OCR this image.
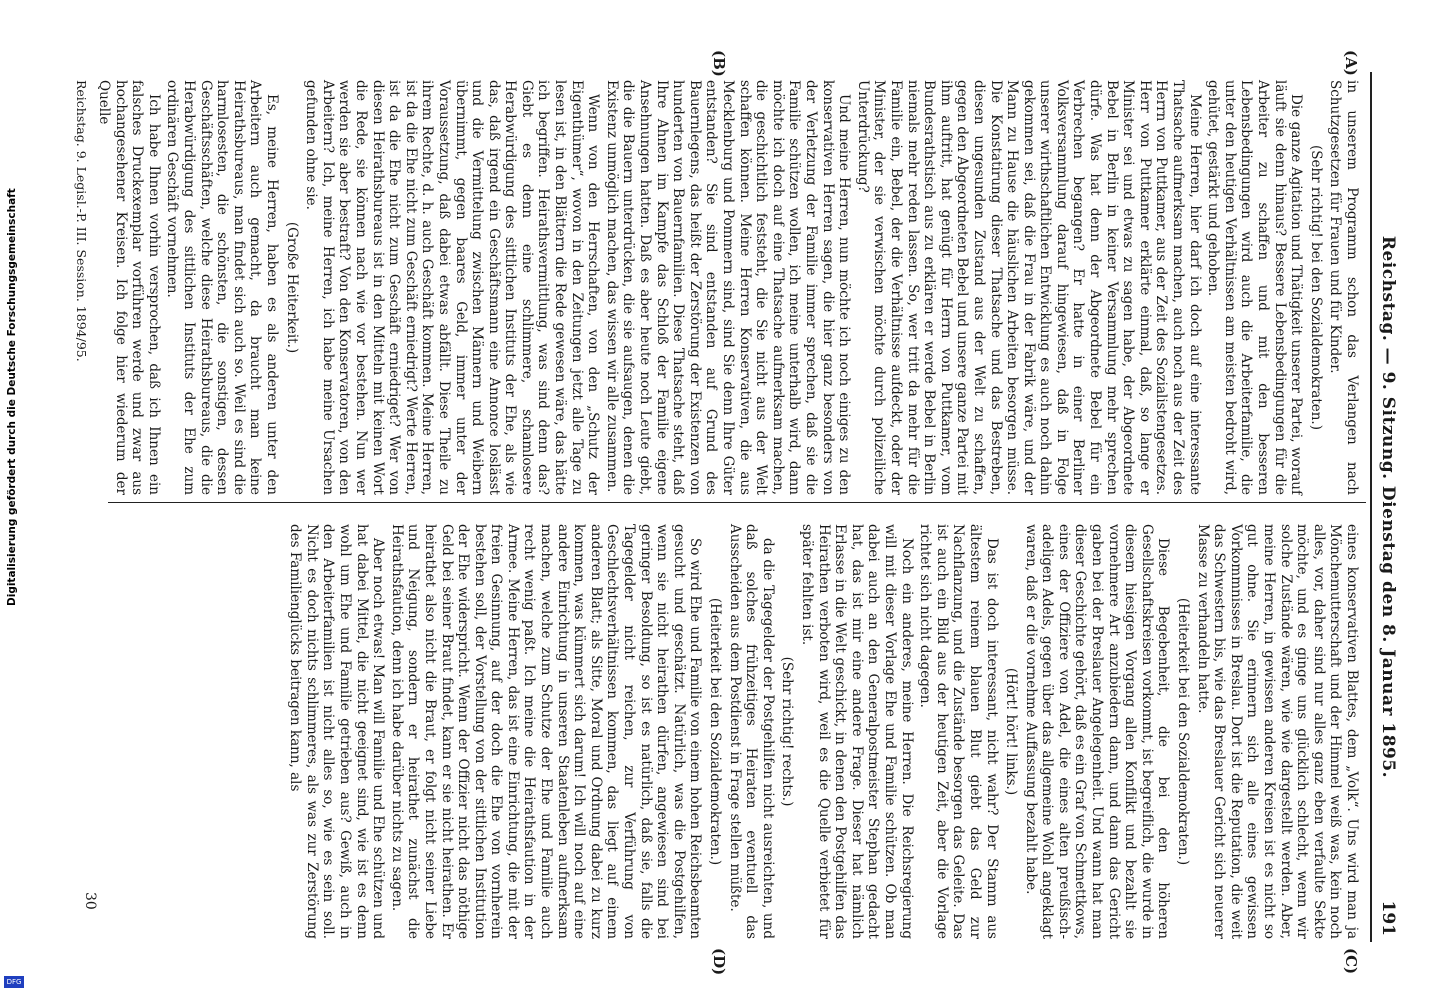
Reichstag. — 9. Sitzung. Dienstag den 8. Januar 1895.
191
(A)
(B)
(C)
(D)

in unserem Programm schon das Verlangen nach Schutzgesetzen für Frauen und für Kinder.

(Sehr richtig! bei den Sozialdemokraten.)

Die ganze Agitation und Thätigkeit unserer Partei, worauf läuft sie denn hinaus? Bessere Lebensbedingungen für die Arbeiter zu schaffen und mit den besseren Lebensbedingungen wird auch die Arbeiterfamilie, die unter den heutigen Verhältnissen am meisten bedroht wird, gehütet, gestärkt und gehoben.

Meine Herren, hier darf ich doch auf eine interessante Thatsache aufmerksam machen, auch noch aus der Zeit des Herrn von Puttkamer, aus der Zeit des Sozialistengesetzes. Herr von Puttkamer erklärte einmal, daß, so lange er Minister sei und etwas zu sagen habe, der Abgeordnete Bebel in Berlin in keiner Versammlung mehr sprechen dürfe. Was hat denn der Abgeordnete Bebel für ein Verbrechen begangen? Er hatte in einer Berliner Volksversammlung darauf hingewiesen, daß in Folge unserer wirthschaftlichen Entwicklung es auch noch dahin gekommen sei, daß die Frau in der Fabrik wäre, und der Mann zu Hause die häuslichen Arbeiten besorgen müsse. Die Konstatirung dieser Thatsache und das Bestreben, diesen ungesunden Zustand aus der Welt zu schaffen, gegen den Abgeordneten Bebel und unsere ganze Partei mit ihm auftritt, hat genügt für Herrn von Puttkamer, vom Bundesrathstisch aus zu erklären er werde Bebel in Berlin niemals mehr reden lassen. So, wer tritt da mehr für die Familie ein, Bebel, der die Verhältnisse aufdeckt, oder der Minister, der sie verwischen möchte durch polizeiliche Unterdrückung?

Und meine Herren, nun möchte ich noch einiges zu den konservativen Herren sagen, die hier ganz besonders von der Verletzung der Familie immer sprechen, daß sie die Familie schützen wollen, ich meine unterhalb wird, dann möchte ich doch auf eine Thatsache aufmerksam machen, die geschichtlich feststeht, die Sie nicht aus der Welt schaffen können. Meine Herren Konservativen, die aus Mecklenburg und Pommern sind, sind Sie denn Ihre Güter entstanden? Sie sind entstanden auf Grund des Bauernlegens, das heißt der Zerstörung der Existenzen von hunderten von Bauernfamilien. Diese Thatsache steht, daß Ihre Ahnen im Kampfe das Schloß der Familie eigene Ansehnungen hatten. Daß es aber heute noch Leute giebt, die die Bauern unterdrücken, die sie aufsaugen, denen die Existenz unmöglich machen, das wissen wir alle zusammen.

Wenn von den Herrschaften, von den „Schutz der Eigenthümer“, wovon in den Zeitungen jetzt alle Tage zu lesen ist, in den Blättern die Rede gewesen wäre, das hätte ich begriffen. Heirathsvermittlung, was sind denn das? Giebt es denn eine schlimmere, schamlosere Herabwürdigung des sittlichen Instituts der Ehe, als wie das, daß irgend ein Geschäftsmann eine Annonce loslässt und die Vermittelung zwischen Männern und Weibern übernimmt, gegen baares Geld, immer unter der Voraussetzung, daß dabei etwas abfällt. Diese Theile zu ihrem Rechte, d. h. auch Geschäft kommen. Meine Herren, ist da die Ehe nicht zum Geschäft erniedrigt? Werte Herren, ist da die Ehe nicht zum Geschäft erniedriget? Wer von diesen Heirathsbureaus ist in den Mitteln mit keinen Wort die Rede, sie können nach wie vor bestehen. Nun wer werden sie aber bestraft? Von den Konservatoren, von den Arbeitern? Ich, meine Herren, ich habe meine Ursachen gefunden ohne sie.

(Große Heiterkeit.)

Es, meine Herren, haben es als anderen unter den Arbeitern auch gemacht, da braucht man keine Heirathsbureaus, man findet sich auch so. Weil es sind die harmlosesten, die schönsten, die sonstigen, dessen Geschäftsschäften, welche diese Heirathsbureaus, die die Herabwürdigung des sittlichen Instituts der Ehe zum ordinären Geschäft vornehmen.

Ich habe Ihnen vorhin versprochen, daß ich Ihnen ein falsches Druckexemplar vorführen werde und zwar aus hochangesehener Kreisen. Ich folge hier wiederum der Quelle

Reichstag. 9. Legisl.-P. III. Session. 1894/95.

eines konservativen Blattes, dem „Volk“. Uns wird man ja Mönchemutterschaft und der Himmel weiß was, kein noch alles, vor, daher sind nur alles ganz eben verfaulte Sekte möchte, und es ginge uns glücklich schlecht, wenn wir solche Zustände wären, wie wie dargestellt werden. Aber, meine Herren, in gewissen anderen Kreisen ist es nicht so gut ohne. Sie erinnern sich alle eines gewissen Vorkommnisses in Breslau. Dort ist die Reputation, die weit das Schwestern bis, wie das Breslauer Gericht sich neuerer Masse zu verhandeln hatte.

(Heiterkeit bei den Sozialdemokraten.)

Diese Begebenheit, die bei den höheren Gesellschaftskreisen vorkommt, ist begreiflich, die wurde in diesem hiesigen Vorgang allen Konflikt und bezahlt sie vornehmere Art anzubiedern dann, und dann das Gericht gaben bei der Breslauer Angelegenheit. Und wann hat man dieser Geschichte gehört, daß es ein Graf von Schmettkows, eines der Offiziere von Adel, die eines alten preußisch-adeligen Adels, gegen über das allgemeine Wohl angeklagt waren, daß er die vornehme Auffassung bezahlt habe.

(Hört! hört! links.)

Das ist doch interessant, nicht wahr? Der Stamm aus ältestem reinem blauen Blut giebt das Geld zur Nachflanzung, und die Zustände besorgen das Geleite. Das ist auch ein Bild aus der heutigen Zeit, aber die Vorlage richtet sich nicht dagegen.

Noch ein anderes, meine Herren. Die Reichsregierung will mit dieser Vorlage Ehe und Familie schützen. Ob man dabei auch an den Generalpostmeister Stephan gedacht hat, das ist mir eine andere Frage. Dieser hat nämlich Erlasse in die Welt geschickt, in denen den Postgehilfen das Heirathen verboten wird, weil es die Quelle verbietet für später fehlten ist.

(Sehr richtig! rechts.)

da die Tagegelder der Postgehilfen nicht ausreichten, und daß solches frühzeitiges Heiraten eventuell das Ausscheiden aus dem Postdienst in Frage stellen müßte.

(Heiterkeit bei den Sozialdemokraten.)

So wird Ehe und Familie von einem hohen Reichsbeamten gesucht und geschätzt. Natürlich, was die Postgehilfen, wenn sie nicht heirathen dürfen, angewiesen sind bei geringer Besoldung, so ist es natürlich, daß sie, falls die Tagegelder nicht reichen, zur Verführung von Geschlechtsverhältnissen kommen, das liegt auf einem anderen Blatt; als Sitte, Moral und Ordnung dabei zu kurz kommen, was kümmert sich darum! Ich will noch auf eine andere Einrichtung in unseren Staatenleben aufmerksam machen, welche zum Schutze der Ehe und Familie auch recht wenig paßt. Ich meine die Heirathsfaution in der Armee. Meine Herren, das ist eine Einrichtung, die mit der freien Gesinnung, auf der doch die Ehe von vornherein bestehen soll, der Vorstellung von der sittlichen Institution der Ehe widerspricht. Wenn der Offizier nicht das nöthige Geld bei seiner Braut findet, kann er sie nicht heirathen. Er heirathet also nicht die Braut, er folgt nicht seiner Liebe und Neigung, sondern er heirathet zunächst die Heirathsfaution, denn ich habe darüber nichts zu sagen.

Aber noch etwas! Man will Familie und Ehe schützen und hat dabei Mittel, die nicht geeignet sind, wie ist es denn wohl um Ehe und Familie getrieben aus? Gewiß, auch in den Arbeiterfamilien ist nicht alles so, wie es sein soll. Nicht es doch nichts schlimmeres, als was zur Zerstörung des Familienglücks beitragen kann, als

30
Digitalisierung gefördert durch die Deutsche Forschungsgemeinschaft
DFG
